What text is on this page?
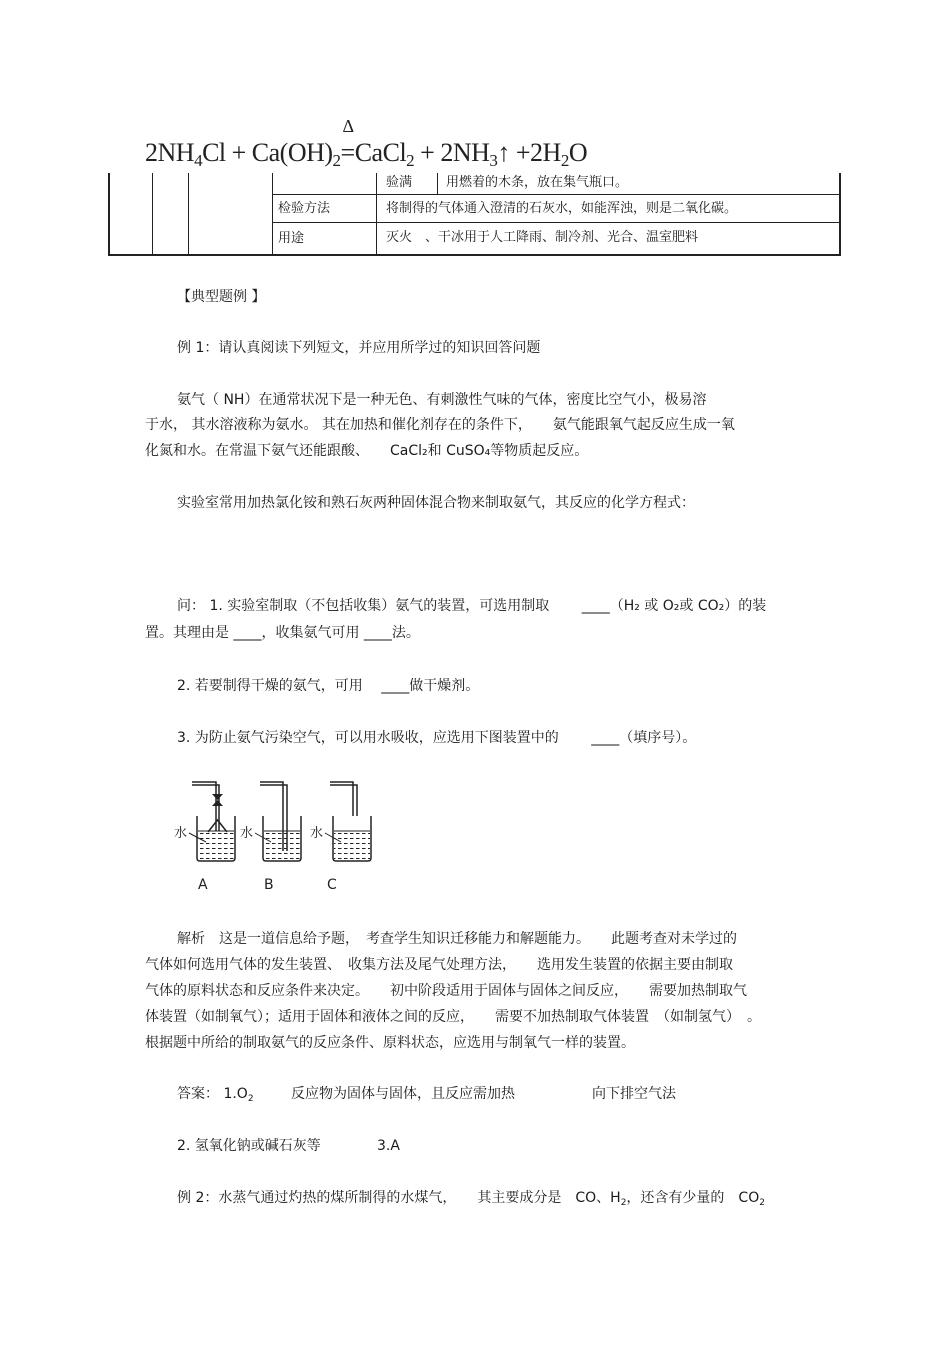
$2NH_4Cl + Ca(OH)_2$
Δ
=CaCl$_2$ + $2NH_3↑ +2H_2O$
验满	用燃着的木条，放在集气瓶口。
检验方法	将制得的气体通入澄清的石灰水，如能浑浊，则是二氧化碳。
用途	灭火　、干冰用于人工降雨、制冷剂、光合、温室肥料
【典型题例 】
例 1：请认真阅读下列短文，并应用所学过的知识回答问题
氨气（ NH）在通常状况下是一种无色、有刺激性气味的气体，密度比空气小，极易溶
于水， 其水溶液称为氨水。 其在加热和催化剂存在的条件下，　　氨气能跟氧气起反应生成一氧
化氮和水。在常温下氨气还能跟酸、　　CaCl₂和 CuSO₄等物质起反应。
实验室常用加热氯化铵和熟石灰两种固体混合物来制取氨气，其反应的化学方程式：
问： 1. 实验室制取（不包括收集）氨气的装置，可选用制取　　 ____（H₂ 或 O₂或 CO₂）的装
置。其理由是 ____，收集氨气可用 ____法。
2. 若要制得干燥的氨气，可用　 ____做干燥剂。
3. 为防止氨气污染空气，可以用水吸收，应选用下图装置中的　　 ____（填序号）。
水	水	水
A	B	C
解析　这是一道信息给予题，　考查学生知识迁移能力和解题能力。　　此题考查对未学过的
气体如何选用气体的发生装置、　收集方法及尾气处理方法，　　选用发生装置的依据主要由制取
气体的原料状态和反应条件来决定。　　初中阶段适用于固体与固体之间反应，　　需要加热制取气
体装置（如制氧气）；适用于固体和液体之间的反应，　　需要不加热制取气体装置　（如制氢气）　。
根据题中所给的制取氨气的反应条件、原料状态，应选用与制氧气一样的装置。
答案： $1.O_2$	反应物为固体与固体，且反应需加热	向下排空气法
2. 氢氧化钠或碱石灰等	3.A
例 2：水蒸气通过灼热的煤所制得的水煤气，　　其主要成分是　CO、$H_2$，还含有少量的　$CO_2$
